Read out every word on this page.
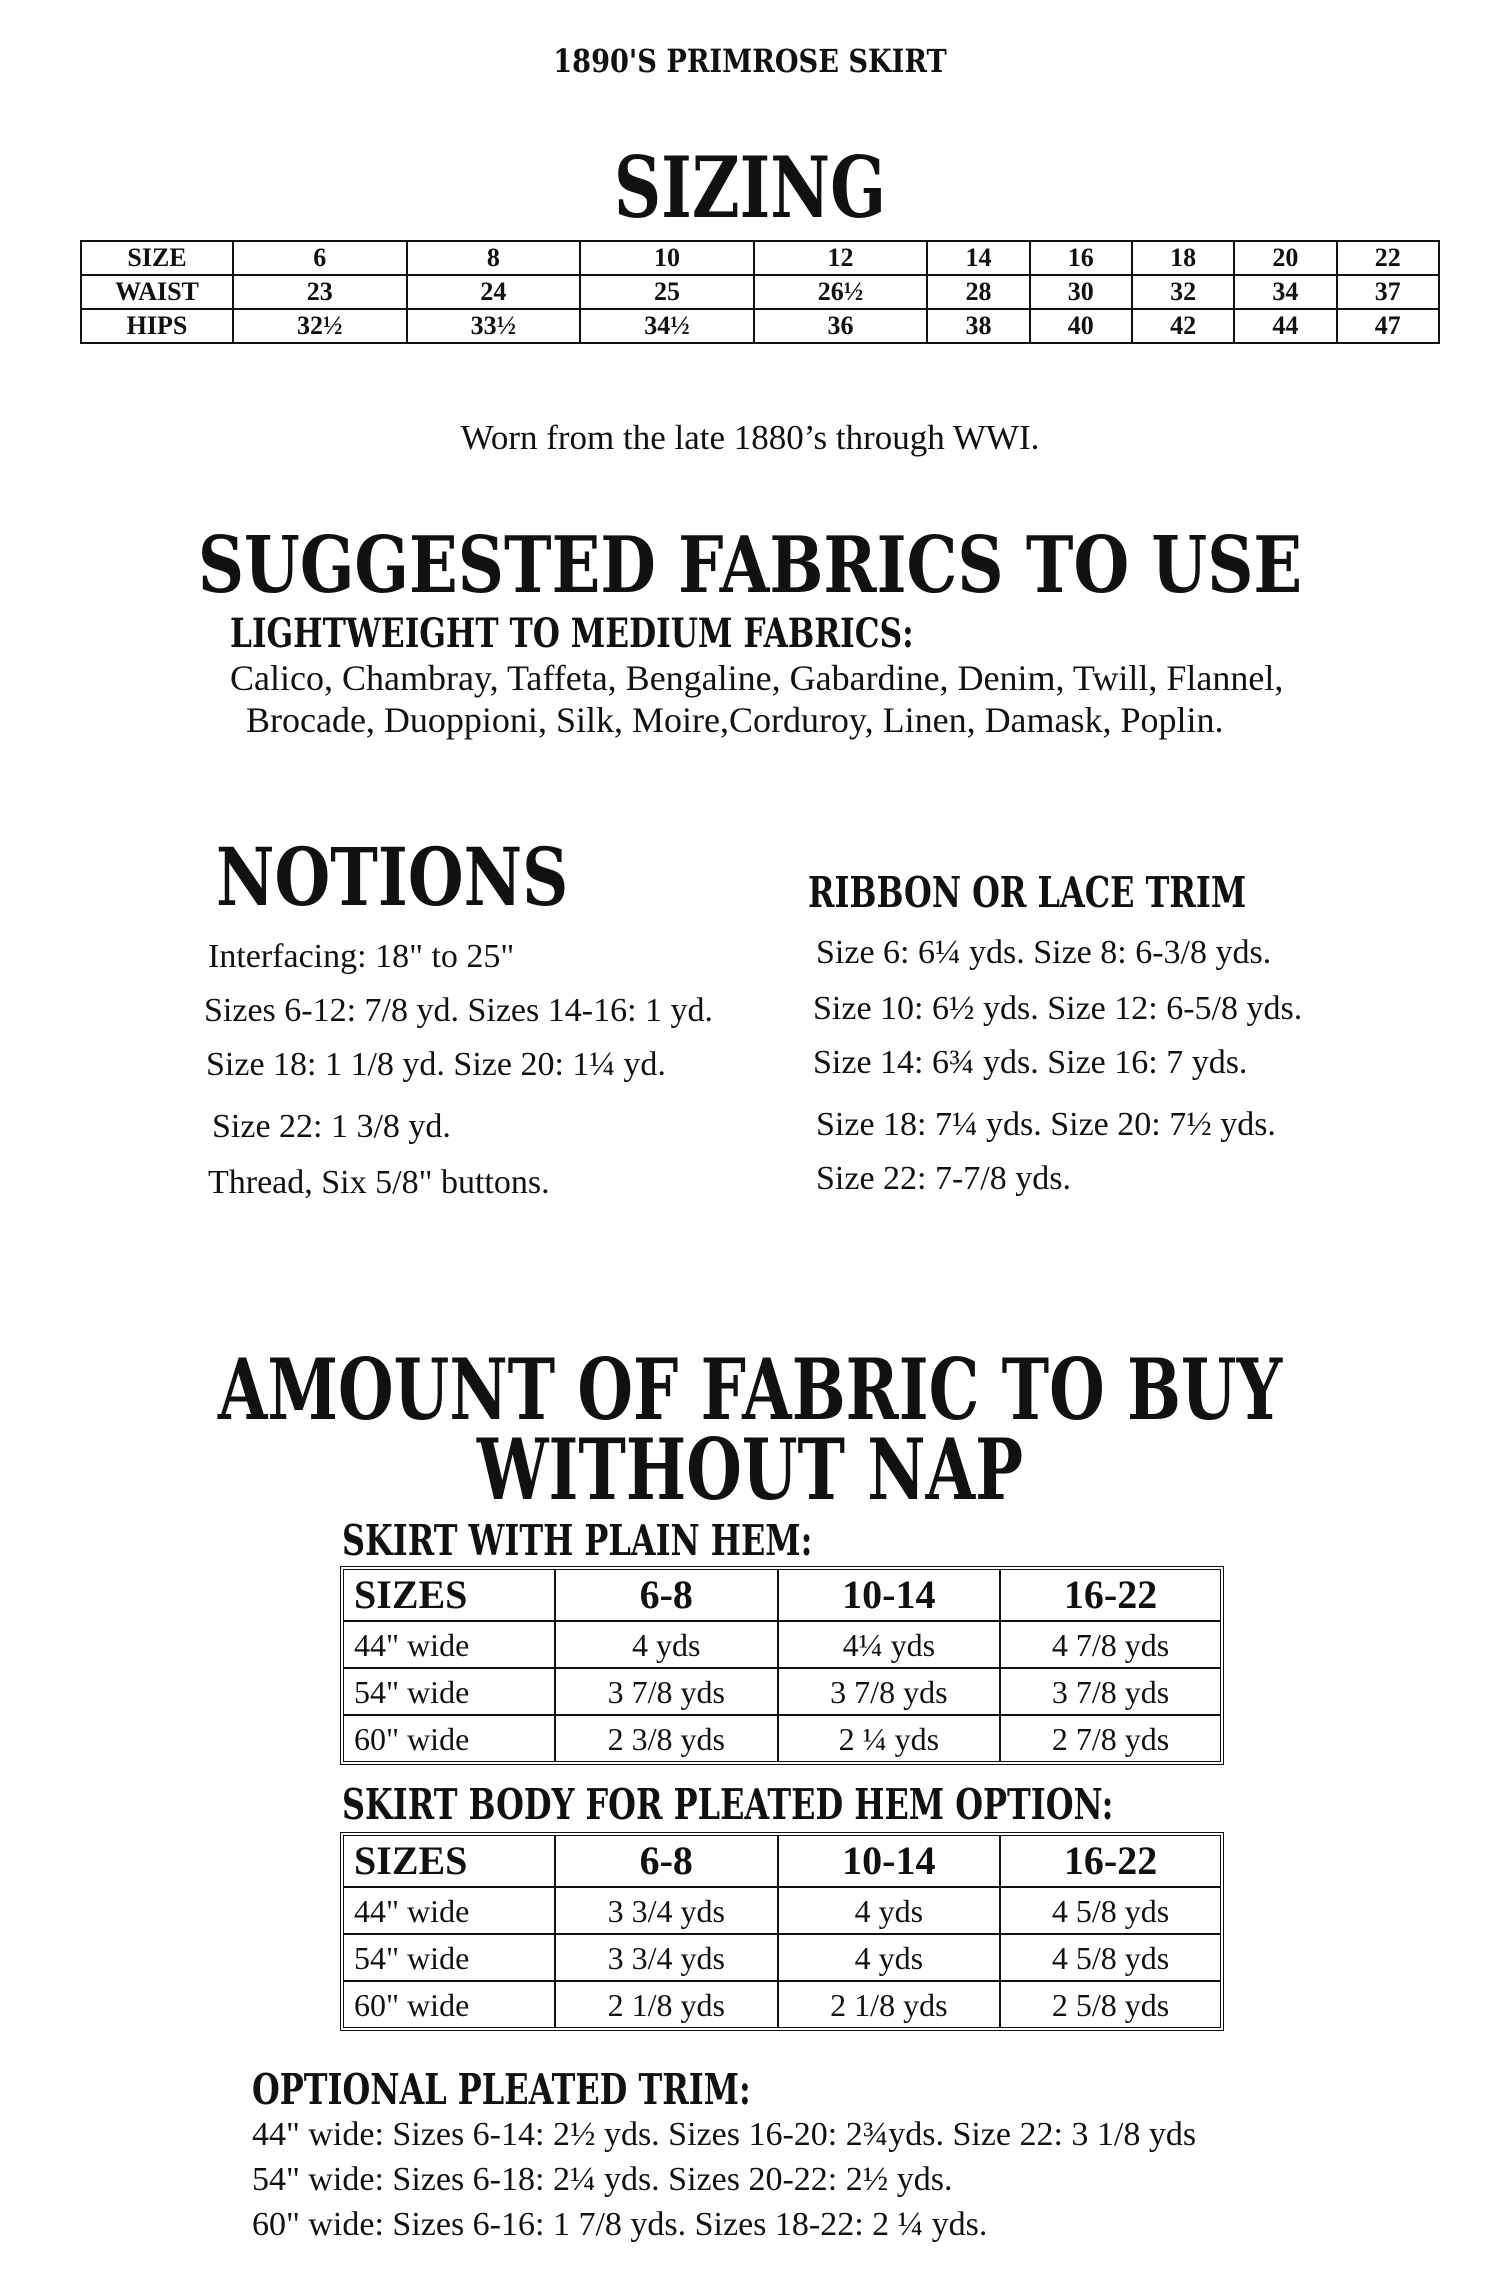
1890'S PRIMROSE SKIRT
SIZING
SIZE	6	8	10	12	14	16	18	20	22
WAIST	23	24	25	26½	28	30	32	34	37
HIPS	32½	33½	34½	36	38	40	42	44	47
Worn from the late 1880’s through WWI.
SUGGESTED FABRICS TO USE
LIGHTWEIGHT TO MEDIUM FABRICS:
Calico, Chambray, Taffeta, Bengaline, Gabardine, Denim, Twill, Flannel,
Brocade, Duoppioni, Silk, Moire,Corduroy, Linen, Damask, Poplin.
NOTIONS
Interfacing: 18" to 25"
Sizes 6-12: 7/8 yd. Sizes 14-16: 1 yd.
Size 18: 1 1/8 yd. Size 20: 1¼ yd.
Size 22: 1 3/8 yd.
Thread, Six 5/8" buttons.
RIBBON OR LACE TRIM
Size 6: 6¼ yds. Size 8: 6-3/8 yds.
Size 10: 6½ yds. Size 12: 6-5/8 yds.
Size 14: 6¾ yds. Size 16: 7 yds.
Size 18: 7¼ yds. Size 20: 7½ yds.
Size 22: 7-7/8 yds.
AMOUNT OF FABRIC TO BUY
WITHOUT NAP
SKIRT WITH PLAIN HEM:
SIZES	6-8	10-14	16-22
44" wide	4 yds	4¼ yds	4 7/8 yds
54" wide	3 7/8 yds	3 7/8 yds	3 7/8 yds
60" wide	2 3/8 yds	2 ¼ yds	2 7/8 yds
SKIRT BODY FOR PLEATED HEM OPTION:
SIZES	6-8	10-14	16-22
44" wide	3 3/4 yds	4 yds	4 5/8 yds
54" wide	3 3/4 yds	4 yds	4 5/8 yds
60" wide	2 1/8 yds	2 1/8 yds	2 5/8 yds
OPTIONAL PLEATED TRIM:
44" wide: Sizes 6-14: 2½ yds. Sizes 16-20: 2¾yds. Size 22: 3 1/8 yds
54" wide: Sizes 6-18: 2¼ yds. Sizes 20-22: 2½ yds.
60" wide: Sizes 6-16: 1 7/8 yds. Sizes 18-22: 2 ¼ yds.
